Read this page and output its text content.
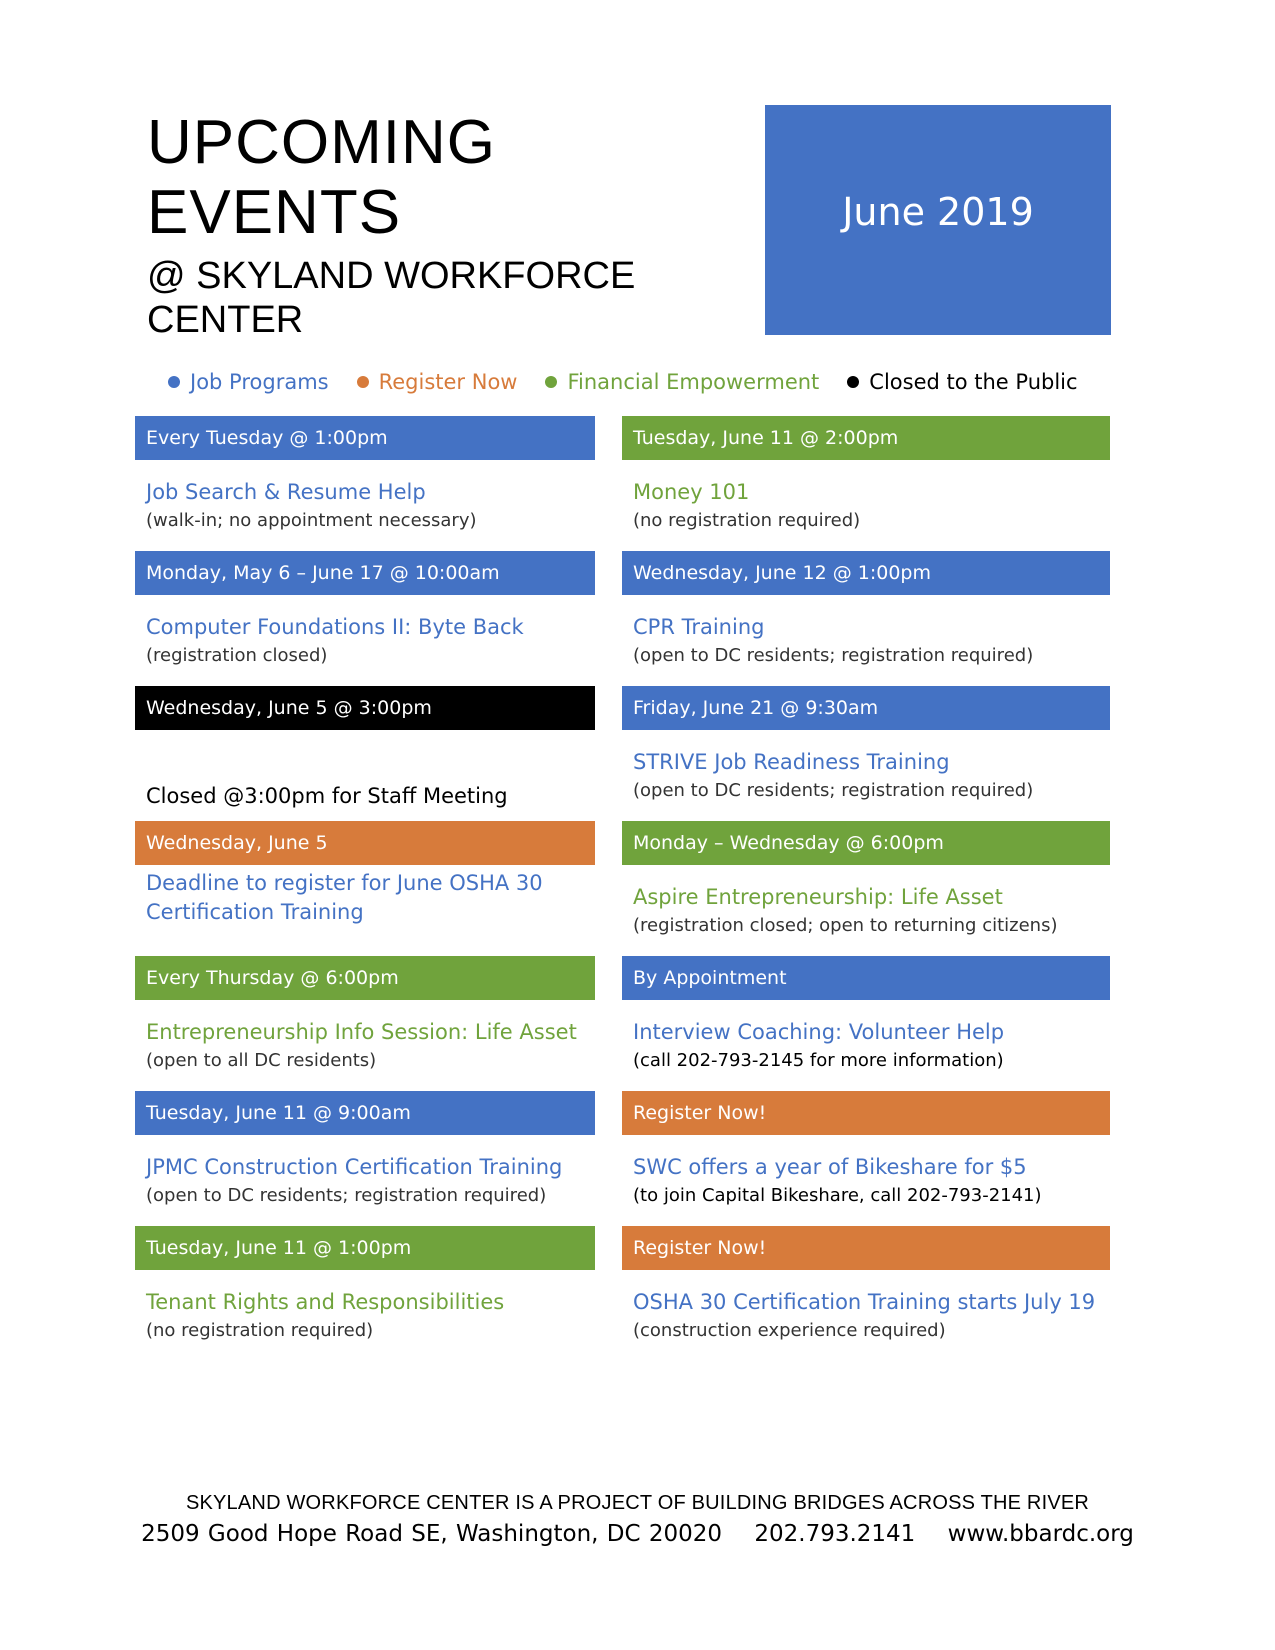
UPCOMING
EVENTS
@ SKYLAND WORKFORCE
CENTER
June 2019
Job Programs Register Now Financial Empowerment Closed to the Public
Every Tuesday @ 1:00pm
Job Search & Resume Help
(walk-in; no appointment necessary)
Monday, May 6 – June 17 @ 10:00am
Computer Foundations II: Byte Back
(registration closed)
Wednesday, June 5 @ 3:00pm
Closed @3:00pm for Staff Meeting
Wednesday, June 5
Deadline to register for June OSHA 30
Certification Training
Every Thursday @ 6:00pm
Entrepreneurship Info Session: Life Asset
(open to all DC residents)
Tuesday, June 11 @ 9:00am
JPMC Construction Certification Training
(open to DC residents; registration required)
Tuesday, June 11 @ 1:00pm
Tenant Rights and Responsibilities
(no registration required)
Tuesday, June 11 @ 2:00pm
Money 101
(no registration required)
Wednesday, June 12 @ 1:00pm
CPR Training
(open to DC residents; registration required)
Friday, June 21 @ 9:30am
STRIVE Job Readiness Training
(open to DC residents; registration required)
Monday – Wednesday @ 6:00pm
Aspire Entrepreneurship: Life Asset
(registration closed; open to returning citizens)
By Appointment
Interview Coaching: Volunteer Help
(call 202-793-2145 for more information)
Register Now!
SWC offers a year of Bikeshare for $5
(to join Capital Bikeshare, call 202-793-2141)
Register Now!
OSHA 30 Certification Training starts July 19
(construction experience required)
SKYLAND WORKFORCE CENTER IS A PROJECT OF BUILDING BRIDGES ACROSS THE RIVER
2509 Good Hope Road SE, Washington, DC 20020 202.793.2141 www.bbardc.org
